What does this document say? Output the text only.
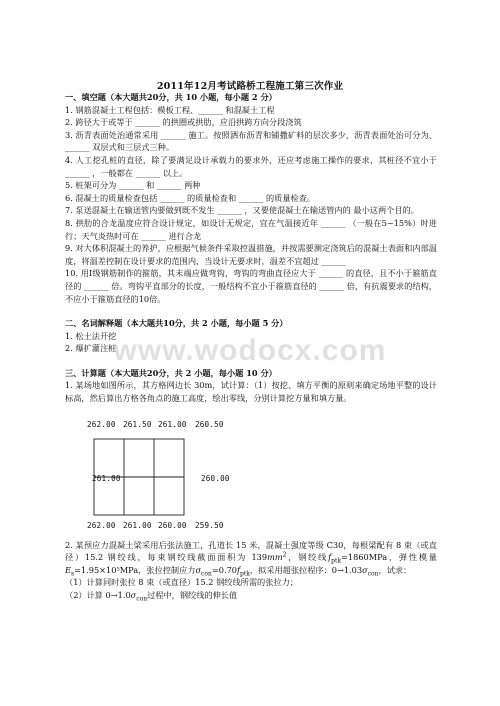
2011年12月考试路桥工程施工第三次作业

一、填空题（本大题共20分，共 10 小题，每小题 2 分）

1. 钢筋混凝土工程包括：模板工程、______ 和混凝土工程

2. 跨径大于或等于 ______ 的拱圈或拱肋，应沿拱跨方向分段浇筑

3. 沥青表面处治通常采用 ______ 施工。按照洒布沥青和铺撒矿料的层次多少，沥青表面处治可分为、______ 双层式和三层式三种。

4. 人工挖孔桩的直径，除了要满足设计承载力的要求外，还应考虑施工操作的要求，其桩径不宜小于 ______ ，一般都在 ______ 以上。

5. 桩架可分为 ______ 和 ______ 两种

6. 混凝土的质量检查包括 ______ 的质量检查和 ______ 的质量检查。

7. 泵送混凝土在输送管内要做到既不发生 ______ ，又要使混凝土在输送管内的 最小这两个目的。

8. 拱肋的合龙温度应符合设计规定，如设计无规定，宜在气温接近年 ______ （一般在5~15%）时进行；天气炎热时可在 ______ 进行合龙

9. 对大体积混凝土的养护，应根据气候条件采取控温措施，并按需要测定浇筑后的混凝土表面和内部温度，将温差控制在设计要求的范围内，当设计无要求时，温差不宜超过 ______

10. 用Ⅰ级钢筋制作的箍筋，其末端应做弯钩，弯钩的弯曲直径应大于 ______ 的直径，且不小于箍筋直径的 ______ 倍。弯钩平直部分的长度，一般结构不宜小于箍筋直径的 ______ 倍，有抗震要求的结构，不应小于箍筋直径的10倍。

二、名词解释题（本大题共10分，共 2 小题，每小题 5 分）

1. 松土法开挖

2. 爆扩灌注桩

三、计算题（本大题共20分，共 2 小题，每小题 10 分）

1. 某场地如图所示，其方格网边长 30m，试计算：（1）按挖、填方平衡的原则来确定场地平整的设计标高，然后算出方格各角点的施工高度，绘出零线，分别计算挖方量和填方量。

262.00 261.50 261.00 260.50
261.00	260.00
262.00 261.00 260.00 259.50

2. 某预应力混凝土梁采用后张法施工，孔道长 15 米，混凝土强度等级 C30，每根梁配有 8 束（或直径）15.2 钢绞线，每束钢绞线截面面积为 $139mm^2$，钢绞线$f_{ptk}=1860MPa$，弹性模量$E_s=1.95\times 10^5MPa$，张拉控制应力$\sigma_{con}=0.70f_{ptk}$，拟采用超张拉程序：$0\to 1.03\sigma_{con}$，试求：

（1）计算同时张拉 8 束（或直径）15.2 钢绞线所需的张拉力；

（2）计算 $0\to 1.0\sigma_{con}$过程中，钢绞线的伸长值

www.wodocx.com
